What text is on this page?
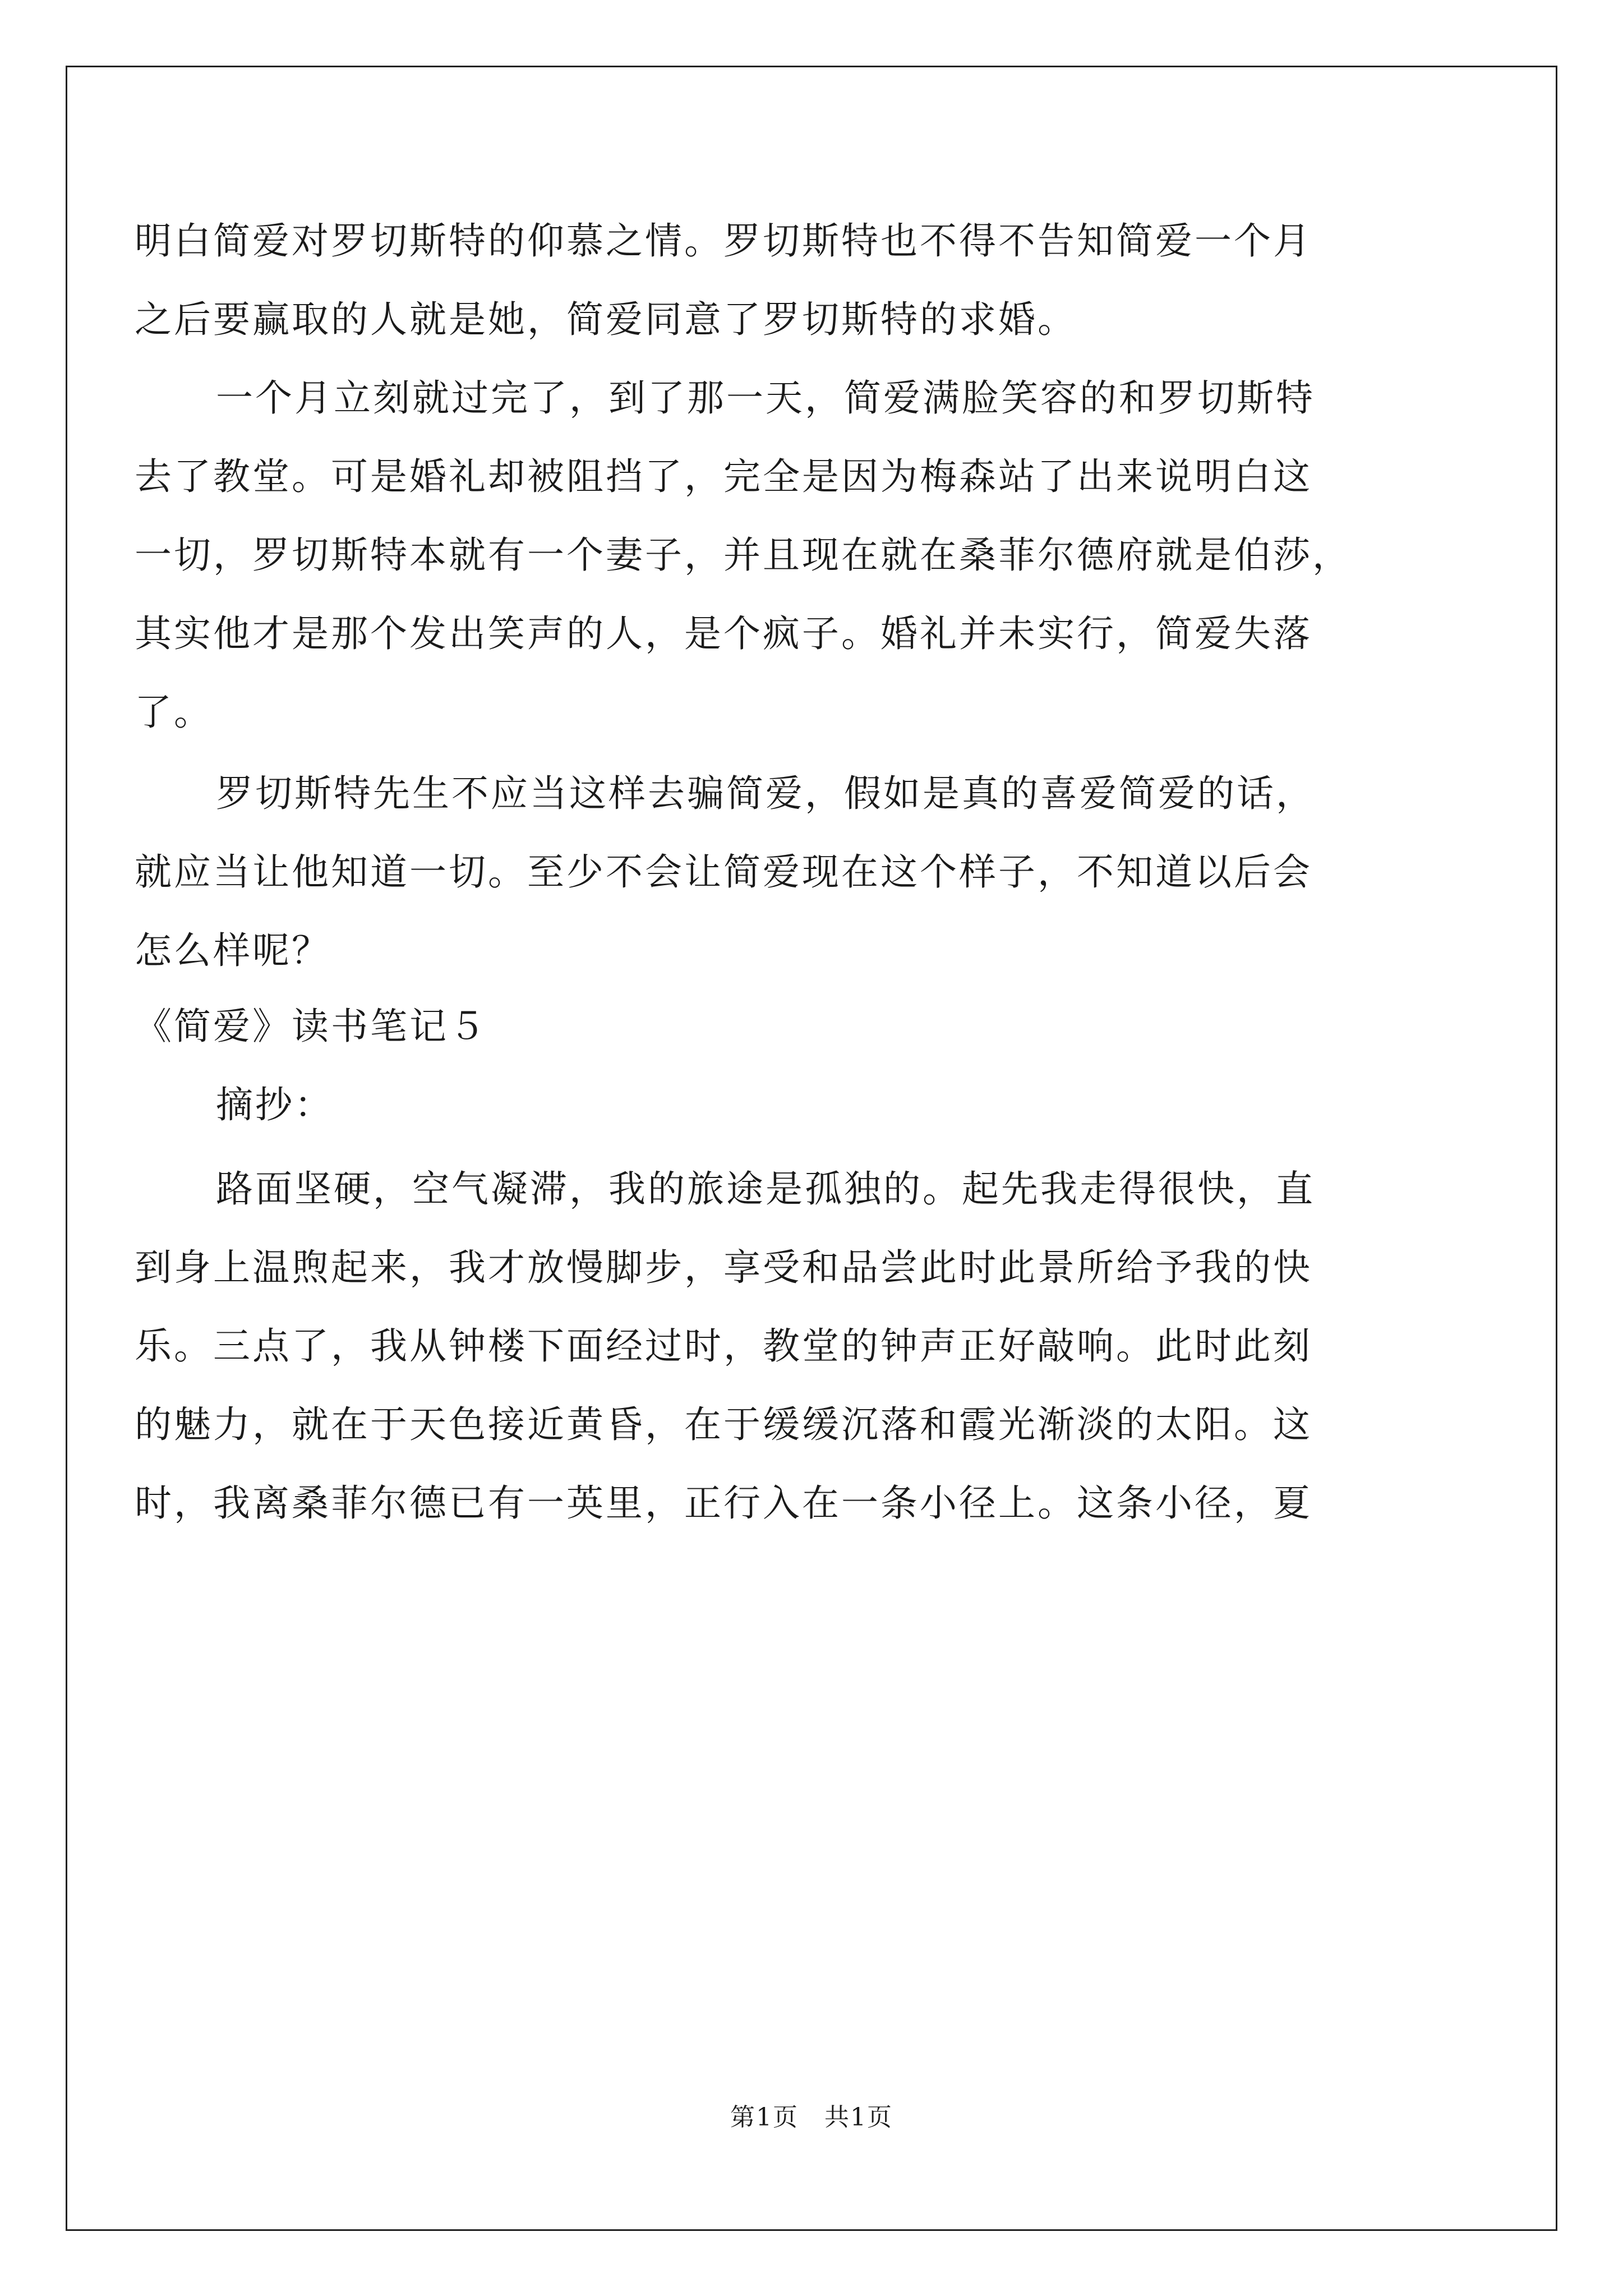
明白简爱对罗切斯特的仰慕之情。罗切斯特也不得不告知简爱一个月
之后要赢取的人就是她，简爱同意了罗切斯特的求婚。
一个月立刻就过完了，到了那一天，简爱满脸笑容的和罗切斯特
去了教堂。可是婚礼却被阻挡了，完全是因为梅森站了出来说明白这
一切，罗切斯特本就有一个妻子，并且现在就在桑菲尔德府就是伯莎，
其实他才是那个发出笑声的人，是个疯子。婚礼并未实行，简爱失落
了。
罗切斯特先生不应当这样去骗简爱，假如是真的喜爱简爱的话，
就应当让他知道一切。至少不会让简爱现在这个样子，不知道以后会
怎么样呢？
《简爱》读书笔记５
摘抄：
路面坚硬，空气凝滞，我的旅途是孤独的。起先我走得很快，直
到身上温煦起来，我才放慢脚步，享受和品尝此时此景所给予我的快
乐。三点了，我从钟楼下面经过时，教堂的钟声正好敲响。此时此刻
的魅力，就在于天色接近黄昏，在于缓缓沉落和霞光渐淡的太阳。这
时，我离桑菲尔德已有一英里，正行入在一条小径上。这条小径，夏
第1页　共1页
